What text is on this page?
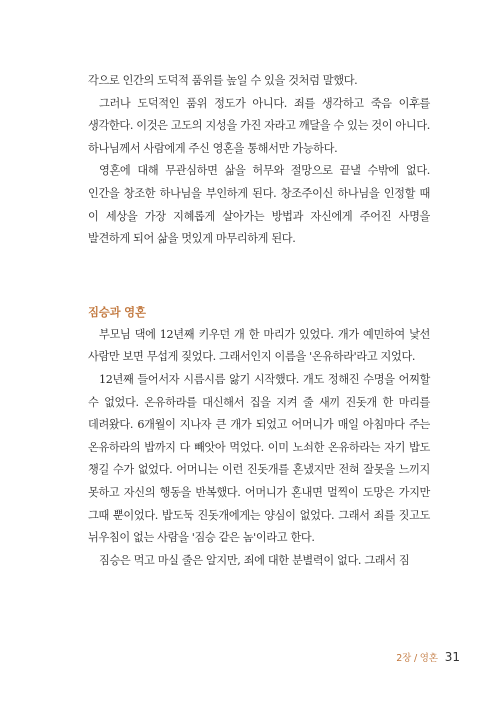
각으로 인간의 도덕적 품위를 높일 수 있을 것처럼 말했다.

그러나 도덕적인 품위 정도가 아니다. 죄를 생각하고 죽음 이후를 생각한다. 이것은 고도의 지성을 가진 자라고 깨달을 수 있는 것이 아니다. 하나님께서 사람에게 주신 영혼을 통해서만 가능하다.

영혼에 대해 무관심하면 삶을 허무와 절망으로 끝낼 수밖에 없다. 인간을 창조한 하나님을 부인하게 된다. 창조주이신 하나님을 인정할 때 이 세상을 가장 지혜롭게 살아가는 방법과 자신에게 주어진 사명을 발견하게 되어 삶을 멋있게 마무리하게 된다.

짐승과 영혼

부모님 댁에 12년째 키우던 개 한 마리가 있었다. 개가 예민하여 낯선 사람만 보면 무섭게 짖었다. 그래서인지 이름을 '온유하라'라고 지었다.

12년째 들어서자 시름시름 앓기 시작했다. 개도 정해진 수명을 어찌할 수 없었다. 온유하라를 대신해서 집을 지켜 줄 새끼 진돗개 한 마리를 데려왔다. 6개월이 지나자 큰 개가 되었고 어머니가 매일 아침마다 주는 온유하라의 밥까지 다 빼앗아 먹었다. 이미 노쇠한 온유하라는 자기 밥도 챙길 수가 없었다. 어머니는 이런 진돗개를 혼냈지만 전혀 잘못을 느끼지 못하고 자신의 행동을 반복했다. 어머니가 혼내면 멀찍이 도망은 가지만 그때 뿐이었다. 밥도둑 진돗개에게는 양심이 없었다. 그래서 죄를 짓고도 뉘우침이 없는 사람을 '짐승 같은 놈'이라고 한다.

짐승은 먹고 마실 줄은 알지만, 죄에 대한 분별력이 없다. 그래서 짐

2장 / 영혼 31
